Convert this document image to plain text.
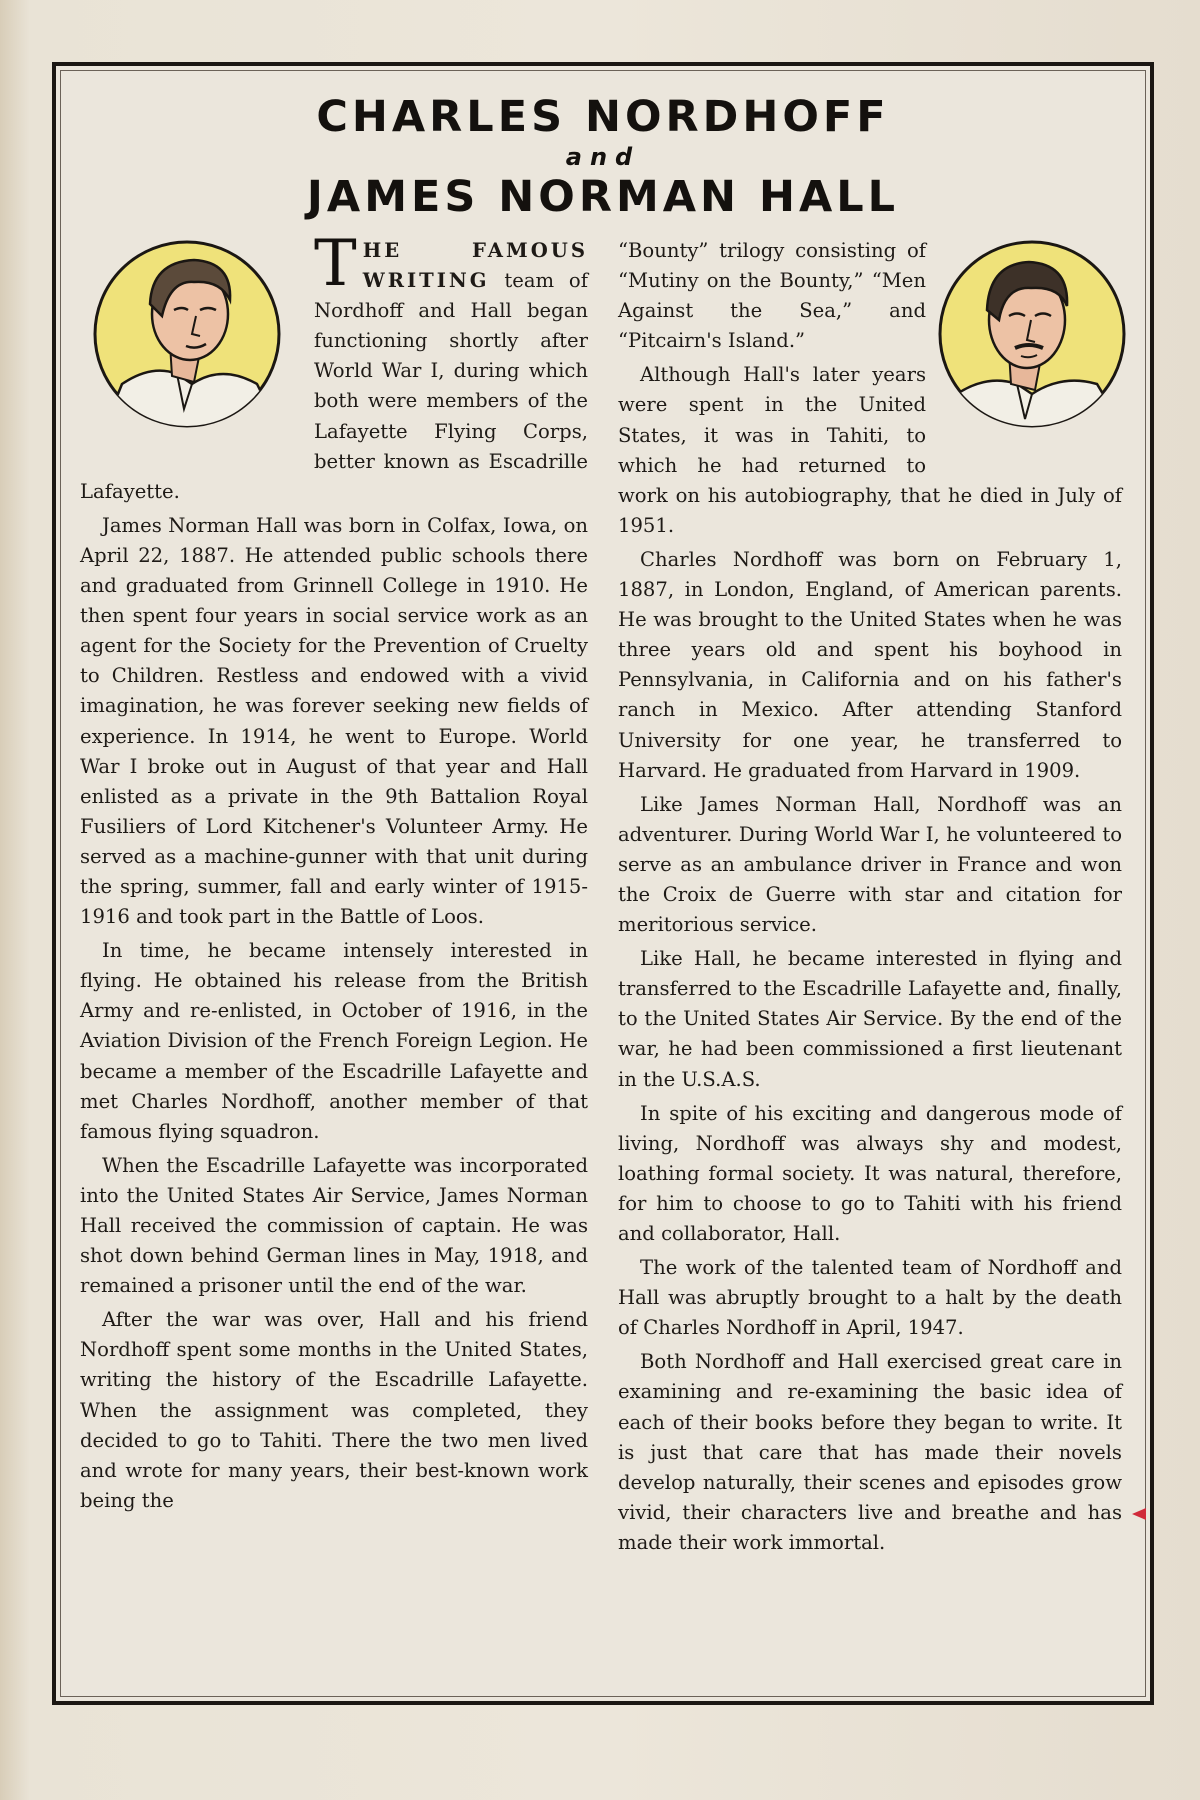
CHARLES NORDHOFF
and
JAMES NORMAN HALL

THE FAMOUS WRITING team of Nordhoff and Hall began functioning shortly after World War I, during which both were members of the Lafayette Flying Corps, better known as Escadrille Lafayette.

James Norman Hall was born in Colfax, Iowa, on April 22, 1887. He attended public schools there and graduated from Grinnell College in 1910. He then spent four years in social service work as an agent for the Society for the Prevention of Cruelty to Children. Restless and endowed with a vivid imagination, he was forever seeking new fields of experience. In 1914, he went to Europe. World War I broke out in August of that year and Hall enlisted as a private in the 9th Battalion Royal Fusiliers of Lord Kitchener's Volunteer Army. He served as a machine-gunner with that unit during the spring, summer, fall and early winter of 1915-1916 and took part in the Battle of Loos.

In time, he became intensely interested in flying. He obtained his release from the British Army and re-enlisted, in October of 1916, in the Aviation Division of the French Foreign Legion. He became a member of the Escadrille Lafayette and met Charles Nordhoff, another member of that famous flying squadron.

When the Escadrille Lafayette was incorporated into the United States Air Service, James Norman Hall received the commission of captain. He was shot down behind German lines in May, 1918, and remained a prisoner until the end of the war.

After the war was over, Hall and his friend Nordhoff spent some months in the United States, writing the history of the Escadrille Lafayette. When the assignment was completed, they decided to go to Tahiti. There the two men lived and wrote for many years, their best-known work being the

“Bounty” trilogy consisting of “Mutiny on the Bounty,” “Men Against the Sea,” and “Pitcairn's Island.”

Although Hall's later years were spent in the United States, it was in Tahiti, to which he had returned to work on his autobiography, that he died in July of 1951.

Charles Nordhoff was born on February 1, 1887, in London, England, of American parents. He was brought to the United States when he was three years old and spent his boyhood in Pennsylvania, in California and on his father's ranch in Mexico. After attending Stanford University for one year, he transferred to Harvard. He graduated from Harvard in 1909.

Like James Norman Hall, Nordhoff was an adventurer. During World War I, he volunteered to serve as an ambulance driver in France and won the Croix de Guerre with star and citation for meritorious service.

Like Hall, he became interested in flying and transferred to the Escadrille Lafayette and, finally, to the United States Air Service. By the end of the war, he had been commissioned a first lieutenant in the U.S.A.S.

In spite of his exciting and dangerous mode of living, Nordhoff was always shy and modest, loathing formal society. It was natural, therefore, for him to choose to go to Tahiti with his friend and collaborator, Hall.

The work of the talented team of Nordhoff and Hall was abruptly brought to a halt by the death of Charles Nordhoff in April, 1947.

Both Nordhoff and Hall exercised great care in examining and re-examining the basic idea of each of their books before they began to write. It is just that care that has made their novels develop naturally, their scenes and episodes grow vivid, their characters live and breathe and has made their work immortal.
